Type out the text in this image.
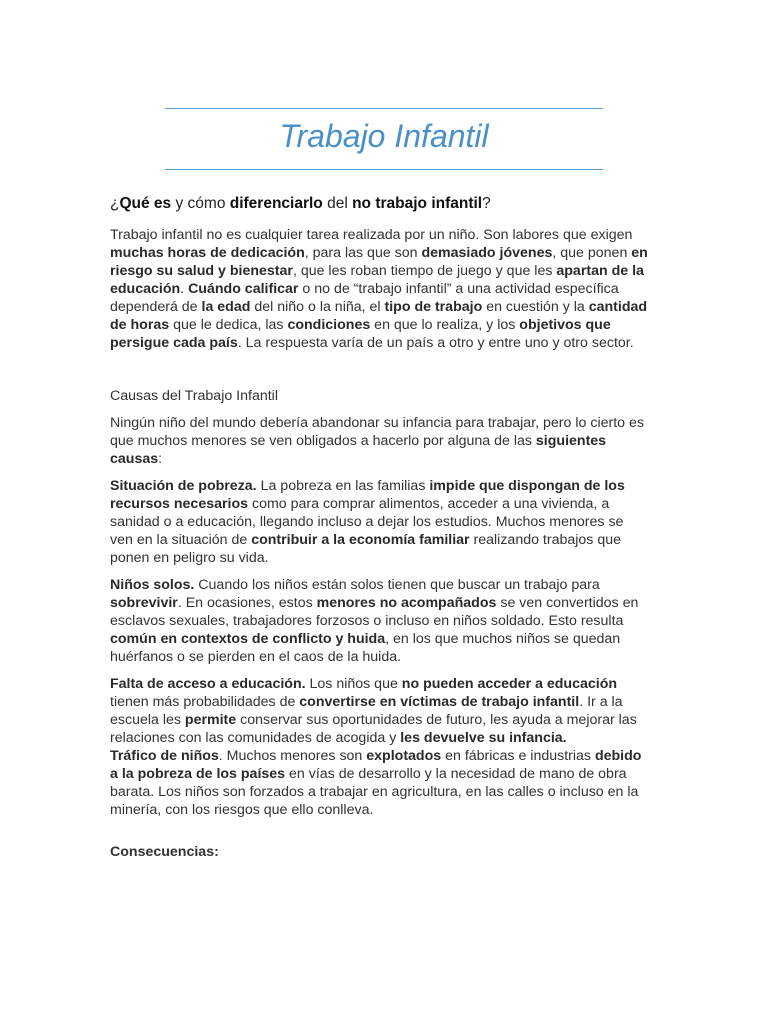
Trabajo Infantil
¿Qué es y cómo diferenciarlo del no trabajo infantil?

Trabajo infantil no es cualquier tarea realizada por un niño. Son labores que exigen muchas horas de dedicación, para las que son demasiado jóvenes, que ponen en riesgo su salud y bienestar, que les roban tiempo de juego y que les apartan de la educación. Cuándo calificar o no de “trabajo infantil” a una actividad específica dependerá de la edad del niño o la niña, el tipo de trabajo en cuestión y la cantidad de horas que le dedica, las condiciones en que lo realiza, y los objetivos que persigue cada país. La respuesta varía de un país a otro y entre uno y otro sector.

Causas del Trabajo Infantil

Ningún niño del mundo debería abandonar su infancia para trabajar, pero lo cierto es que muchos menores se ven obligados a hacerlo por alguna de las siguientes causas:

Situación de pobreza. La pobreza en las familias impide que dispongan de los recursos necesarios como para comprar alimentos, acceder a una vivienda, a sanidad o a educación, llegando incluso a dejar los estudios. Muchos menores se ven en la situación de contribuir a la economía familiar realizando trabajos que ponen en peligro su vida.

Niños solos. Cuando los niños están solos tienen que buscar un trabajo para sobrevivir. En ocasiones, estos menores no acompañados se ven convertidos en esclavos sexuales, trabajadores forzosos o incluso en niños soldado. Esto resulta común en contextos de conflicto y huida, en los que muchos niños se quedan huérfanos o se pierden en el caos de la huida.

Falta de acceso a educación. Los niños que no pueden acceder a educación tienen más probabilidades de convertirse en víctimas de trabajo infantil. Ir a la escuela les permite conservar sus oportunidades de futuro, les ayuda a mejorar las relaciones con las comunidades de acogida y les devuelve su infancia.

Tráfico de niños. Muchos menores son explotados en fábricas e industrias debido a la pobreza de los países en vías de desarrollo y la necesidad de mano de obra barata. Los niños son forzados a trabajar en agricultura, en las calles o incluso en la minería, con los riesgos que ello conlleva.

Consecuencias:
